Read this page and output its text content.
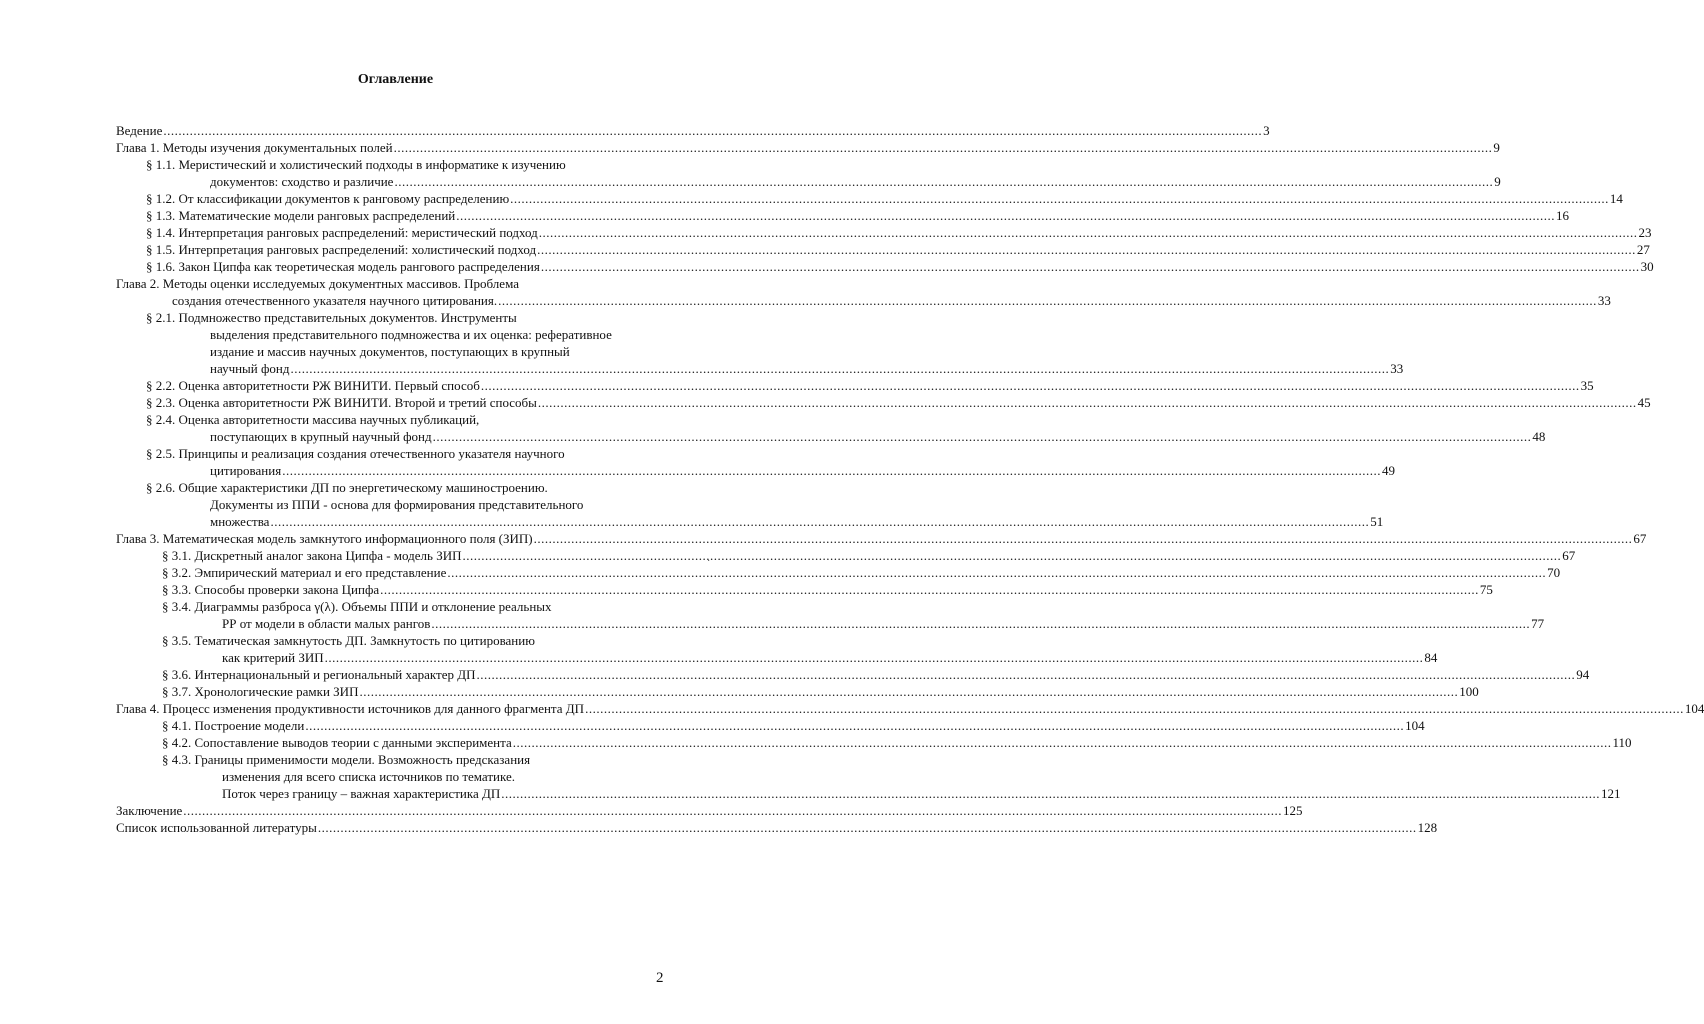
Оглавление
Ведение .....	3
Глава 1. Методы изучения документальных полей .....	9
§ 1.1. Меристический и холистический подходы в информатике к изучению
документов: сходство и различие .....	9
§ 1.2. От классификации документов к ранговому распределению .....	14
§ 1.3. Математические модели ранговых распределений .....	16
§ 1.4. Интерпретация ранговых распределений: меристический подход .....	23
§ 1.5. Интерпретация ранговых распределений: холистический подход .....	27
§ 1.6. Закон Ципфа как теоретическая модель рангового распределения .....	30
Глава 2. Методы оценки исследуемых документных массивов. Проблема
создания отечественного указателя научного цитирования. .....	33
§ 2.1. Подмножество представительных документов. Инструменты
выделения представительного подмножества и их оценка: реферативное
издание и массив научных документов, поступающих в крупный
научный фонд .....	33
§ 2.2. Оценка авторитетности РЖ ВИНИТИ. Первый способ .....	35
§ 2.3. Оценка авторитетности РЖ ВИНИТИ. Второй и третий способы .....	45
§ 2.4. Оценка авторитетности массива научных публикаций,
поступающих в крупный научный фонд .....	48
§ 2.5. Принципы и реализация создания отечественного указателя научного
цитирования .....	49
§ 2.6. Общие характеристики ДП по энергетическому машиностроению.
Документы из ППИ - основа для формирования представительного
множества .....	51
Глава 3. Математическая модель замкнутого информационного поля (ЗИП) .....	67
§ 3.1. Дискретный аналог закона Ципфа - модель ЗИП .....	67
§ 3.2. Эмпирический материал и его представление .....	70
§ 3.3. Способы проверки закона Ципфа .....	75
§ 3.4. Диаграммы разброса γ(λ). Объемы ППИ и отклонение реальных
РР от модели в области малых рангов .....	77
§ 3.5. Тематическая замкнутость ДП. Замкнутость по цитированию
как критерий ЗИП .....	84
§ 3.6. Интернациональный и региональный характер ДП .....	94
§ 3.7. Хронологические рамки ЗИП .....	100
Глава 4. Процесс изменения продуктивности источников для данного фрагмента ДП .....	104
§ 4.1. Построение модели .....	104
§ 4.2. Сопоставление выводов теории с данными эксперимента .....	110
§ 4.3. Границы применимости модели. Возможность предсказания
изменения для всего списка источников по тематике.
Поток через границу – важная характеристика ДП .....	121
Заключение .....	125
Список использованной литературы .....	128
·
2
